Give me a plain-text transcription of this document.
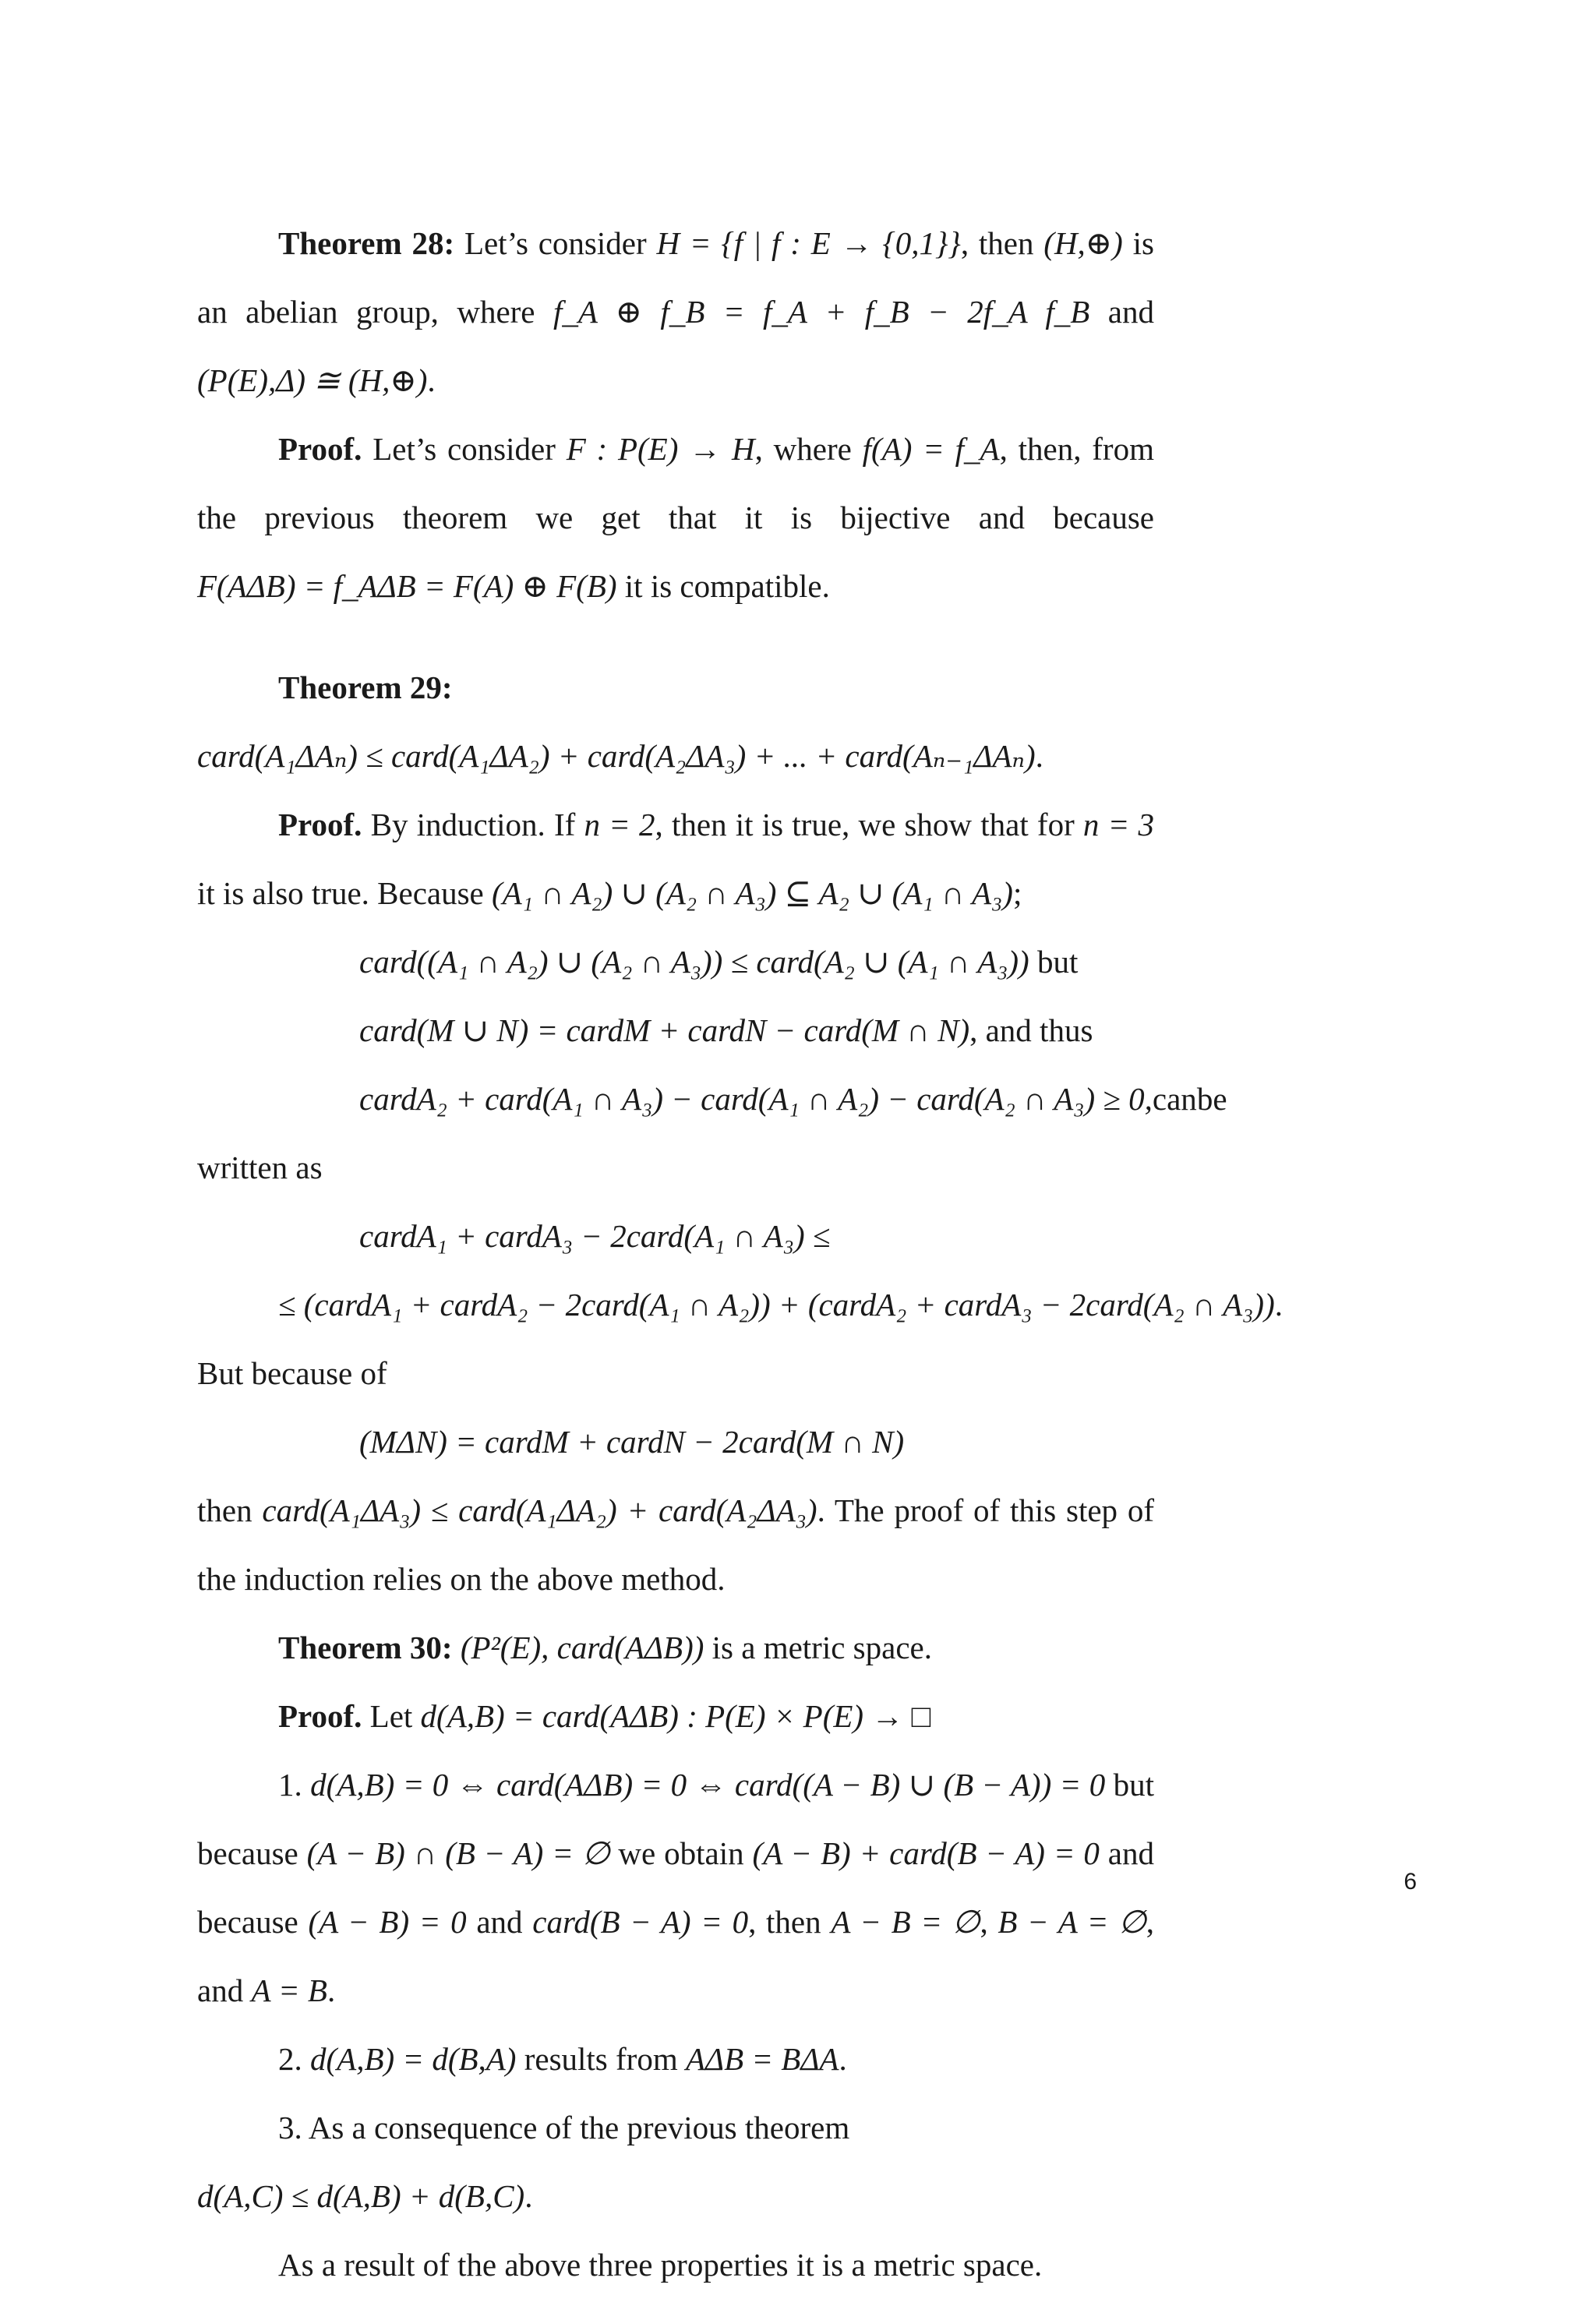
Theorem 28: Let’s consider H = {f | f : E → {0,1}}, then (H,⊕) is an abelian group, where f_A ⊕ f_B = f_A + f_B − 2f_A f_B and (P(E),Δ) ≅ (H,⊕).

Proof. Let’s consider F : P(E) → H, where f(A) = f_A, then, from the previous theorem we get that it is bijective and because F(AΔB) = f_AΔB = F(A) ⊕ F(B) it is compatible.

Theorem 29: card(A₁ΔAₙ) ≤ card(A₁ΔA₂) + card(A₂ΔA₃) + ... + card(Aₙ₋₁ΔAₙ).

Proof. By induction. If n = 2, then it is true, we show that for n = 3 it is also true. Because (A₁ ∩ A₂) ∪ (A₂ ∩ A₃) ⊆ A₂ ∪ (A₁ ∩ A₃);

card((A₁ ∩ A₂) ∪ (A₂ ∩ A₃)) ≤ card(A₂ ∪ (A₁ ∩ A₃)) but

card(M ∪ N) = cardM + cardN − card(M ∩ N), and thus

cardA₂ + card(A₁ ∩ A₃) − card(A₁ ∩ A₂) − card(A₂ ∩ A₃) ≥ 0, can be

written as

cardA₁ + cardA₃ − 2card(A₁ ∩ A₃) ≤

≤ (cardA₁ + cardA₂ − 2card(A₁ ∩ A₂)) + (cardA₂ + cardA₃ − 2card(A₂ ∩ A₃)).

But because of

(MΔN) = cardM + cardN − 2card(M ∩ N)

then card(A₁ΔA₃) ≤ card(A₁ΔA₂) + card(A₂ΔA₃). The proof of this step of the induction relies on the above method.

Theorem 30: (P²(E), card(AΔB)) is a metric space.

Proof. Let d(A,B) = card(AΔB) : P(E) × P(E) → □

1. d(A,B) = 0 ⇔ card(AΔB) = 0 ⇔ card((A − B) ∪ (B − A)) = 0 but because (A − B) ∩ (B − A) = ∅ we obtain (A − B) + card(B − A) = 0 and because (A − B) = 0 and card(B − A) = 0, then A − B = ∅, B − A = ∅, and A = B.

2. d(A,B) = d(B,A) results from AΔB = BΔA.

3. As a consequence of the previous theorem d(A,C) ≤ d(A,B) + d(B,C).

As a result of the above three properties it is a metric space.

6
